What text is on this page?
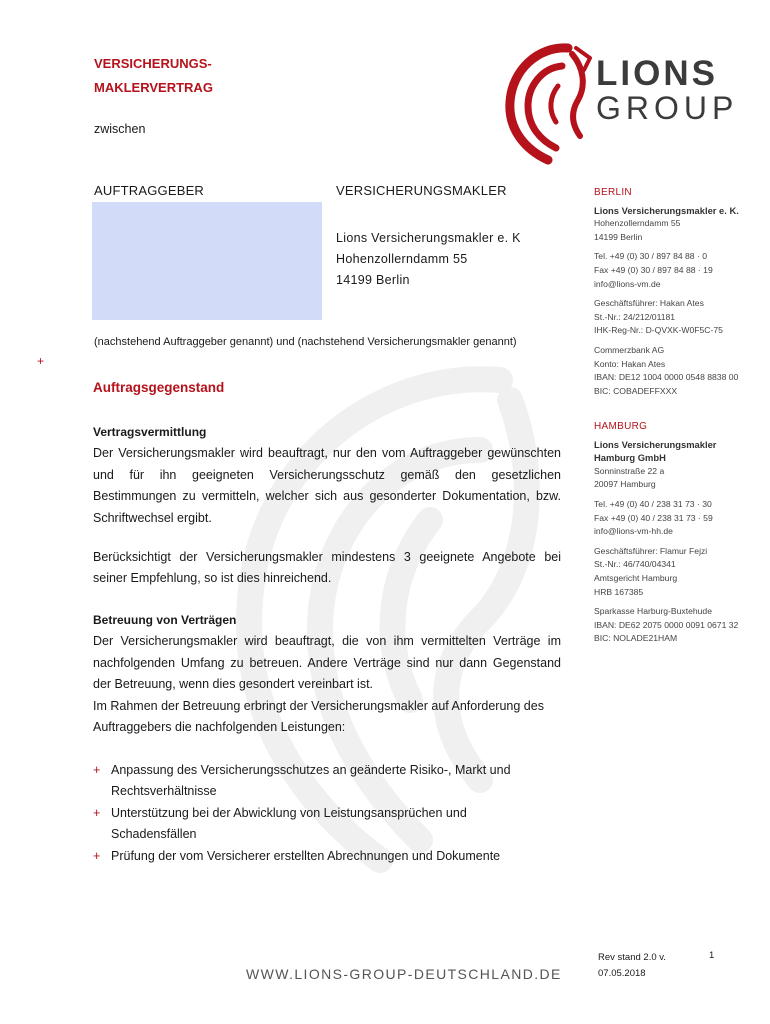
VERSICHERUNGS-
MAKLERVERTRAG
zwischen
LIONS
GROUP
AUFTRAGGEBER	VERSICHERUNGSMAKLER
Lions Versicherungsmakler e. K
Hohenzollerndamm 55
14199 Berlin
(nachstehend Auftraggeber genannt) und (nachstehend Versicherungsmakler genannt)
+
Auftragsgegenstand

Vertragsvermittlung

Der Versicherungsmakler wird beauftragt, nur den vom Auftraggeber gewünschten und für ihn geeigneten Versicherungsschutz gemäß den gesetzlichen Bestimmungen zu vermitteln, welcher sich aus gesonderter Dokumentation, bzw. Schriftwechsel ergibt.

Berücksichtigt der Versicherungsmakler mindestens 3 geeignete Angebote bei seiner Empfehlung, so ist dies hinreichend.

Betreuung von Verträgen

Der Versicherungsmakler wird beauftragt, die von ihm vermittelten Verträge im nachfolgenden Umfang zu betreuen. Andere Verträge sind nur dann Gegenstand der Betreuung, wenn dies gesondert vereinbart ist.

Im Rahmen der Betreuung erbringt der Versicherungsmakler auf Anforderung des Auftraggebers die nachfolgenden Leistungen:

+ Anpassung des Versicherungsschutzes an geänderte Risiko-, Markt und
Rechtsverhältnisse
+ Unterstützung bei der Abwicklung von Leistungsansprüchen und
Schadensfällen
+ Prüfung der vom Versicherer erstellten Abrechnungen und Dokumente
BERLIN
Lions Versicherungsmakler e. K.
Hohenzollerndamm 55
14199 Berlin
Tel. +49 (0) 30 / 897 84 88 · 0
Fax +49 (0) 30 / 897 84 88 · 19
info@lions-vm.de
Geschäftsführer: Hakan Ates
St.-Nr.: 24/212/01181
IHK-Reg-Nr.: D-QVXK-W0F5C-75
Commerzbank AG
Konto: Hakan Ates
IBAN: DE12 1004 0000 0548 8838 00
BIC: COBADEFFXXX
HAMBURG
Lions Versicherungsmakler
Hamburg GmbH
Sonninstraße 22 a
20097 Hamburg
Tel. +49 (0) 40 / 238 31 73 · 30
Fax +49 (0) 40 / 238 31 73 · 59
info@lions-vm-hh.de
Geschäftsführer: Flamur Fejzi
St.-Nr.: 46/740/04341
Amtsgericht Hamburg
HRB 167385
Sparkasse Harburg-Buxtehude
IBAN: DE62 2075 0000 0091 0671 32
BIC: NOLADE21HAM
WWW.LIONS-GROUP-DEUTSCHLAND.DE
Rev stand 2.0 v.
07.05.2018
1
